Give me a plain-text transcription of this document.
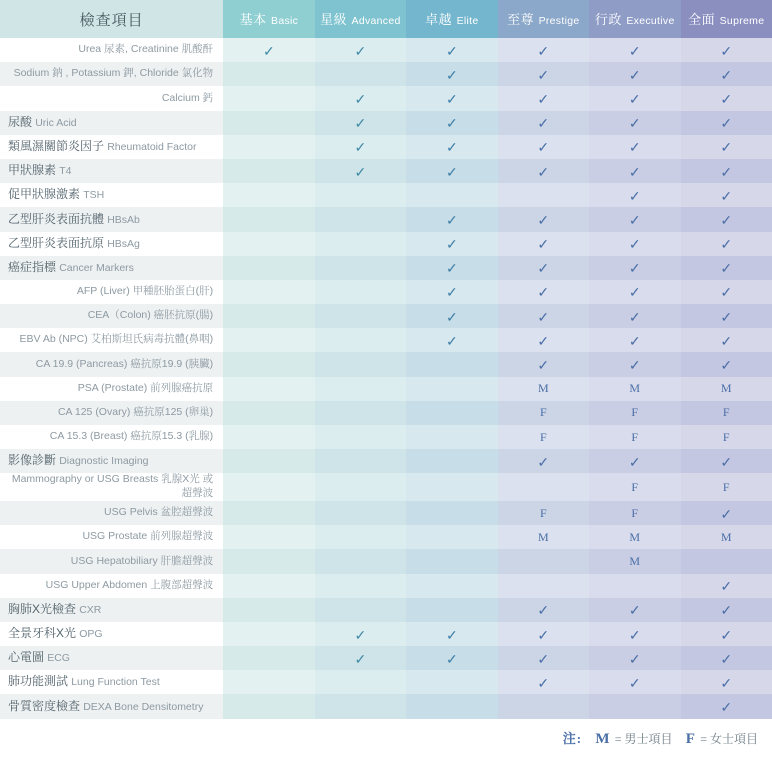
檢查項目	基本 Basic	星級 Advanced	卓越 Elite	至尊 Prestige	行政 Executive	全面 Supreme
Urea 尿素, Creatinine 肌酸酐	✓	✓	✓	✓	✓	✓
Sodium 鈉 , Potassium 鉀, Chloride 氯化物			✓	✓	✓	✓
Calcium 鈣		✓	✓	✓	✓	✓
尿酸 Uric Acid		✓	✓	✓	✓	✓
類風濕關節炎因子 Rheumatoid Factor		✓	✓	✓	✓	✓
甲狀腺素 T4		✓	✓	✓	✓	✓
促甲狀腺激素 TSH					✓	✓
乙型肝炎表面抗體 HBsAb			✓	✓	✓	✓
乙型肝炎表面抗原 HBsAg			✓	✓	✓	✓
癌症指標 Cancer Markers			✓	✓	✓	✓
AFP (Liver) 甲種胚胎蛋白(肝)			✓	✓	✓	✓
CEA（Colon) 癌胚抗原(腸)			✓	✓	✓	✓
EBV Ab (NPC) 艾柏斯坦氏病毒抗體(鼻咽)			✓	✓	✓	✓
CA 19.9 (Pancreas) 癌抗原19.9 (胰臟)				✓	✓	✓
PSA (Prostate) 前列腺癌抗原				M	M	M
CA 125 (Ovary) 癌抗原125 (卵巢)				F	F	F
CA 15.3 (Breast) 癌抗原15.3 (乳腺)				F	F	F
影像診斷 Diagnostic Imaging				✓	✓	✓
Mammography or USG Breasts 乳腺X光 或 超聲波					F	F
USG Pelvis 盆腔超聲波				F	F	✓
USG Prostate 前列腺超聲波				M	M	M
USG Hepatobiliary 肝膽超聲波					M	
USG Upper Abdomen 上腹部超聲波						✓
胸肺X光檢查 CXR				✓	✓	✓
全景牙科X光 OPG		✓	✓	✓	✓	✓
心電圖 ECG		✓	✓	✓	✓	✓
肺功能測試 Lung Function Test				✓	✓	✓
骨質密度檢查 DEXA Bone Densitometry						✓
注: M = 男士項目 F = 女士項目
